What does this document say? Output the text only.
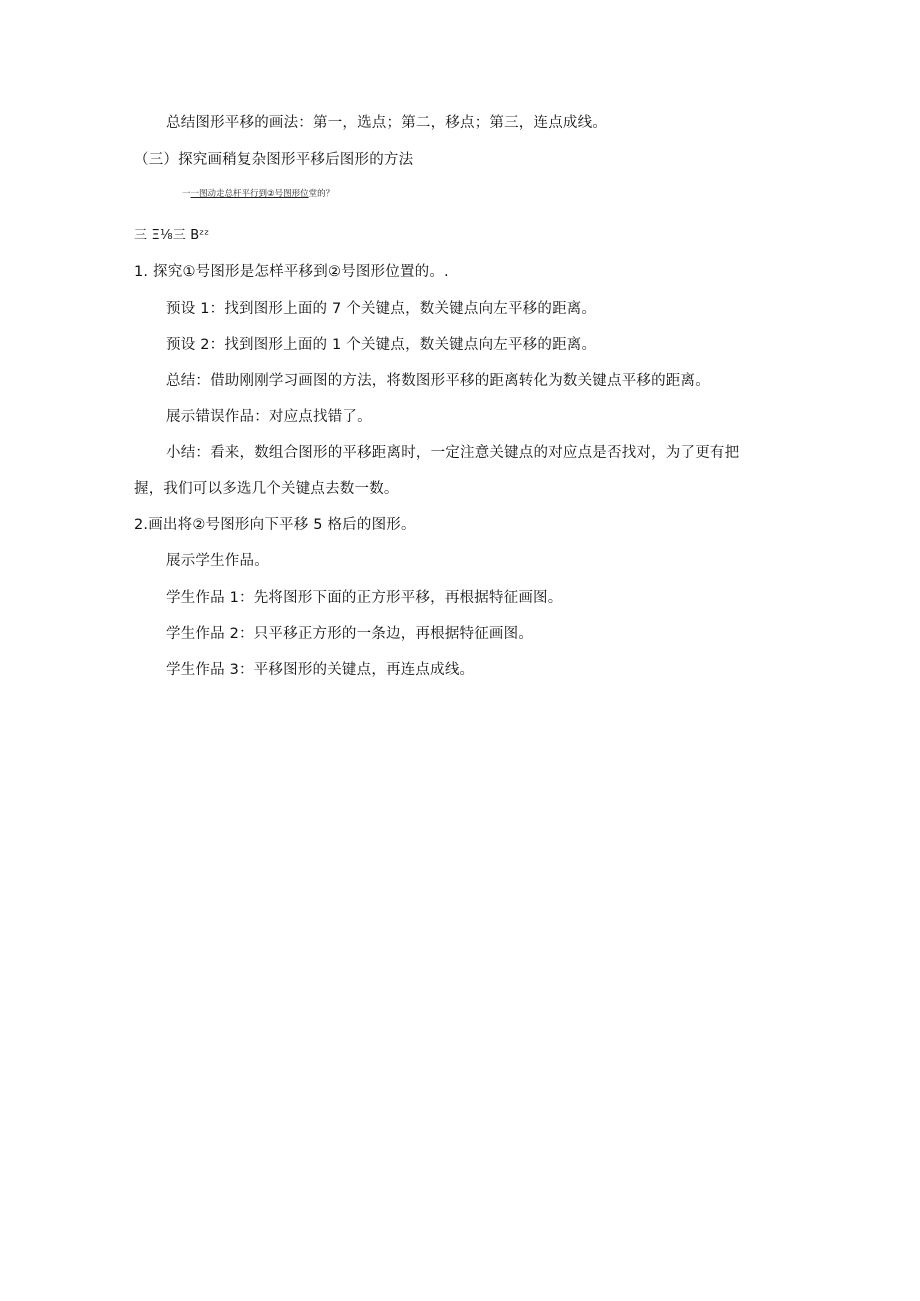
总结图形平移的画法：第一，选点；第二，移点；第三，连点成线。
（三）探究画稍复杂图形平移后图形的方法
一一图动走总杆平行到②号图形位堂的？
三 Ξ⅛三 Bᶻᶻ
1. 探究①号图形是怎样平移到②号图形位置的。.
预设 1：找到图形上面的 7 个关键点，数关键点向左平移的距离。
预设 2：找到图形上面的 1 个关键点，数关键点向左平移的距离。
总结：借助刚刚学习画图的方法，将数图形平移的距离转化为数关键点平移的距离。
展示错误作品：对应点找错了。
小结：看来，数组合图形的平移距离时，一定注意关键点的对应点是否找对，为了更有把
握，我们可以多选几个关键点去数一数。
2.画出将②号图形向下平移 5 格后的图形。
展示学生作品。
学生作品 1：先将图形下面的正方形平移，再根据特征画图。
学生作品 2：只平移正方形的一条边，再根据特征画图。
学生作品 3：平移图形的关键点，再连点成线。
